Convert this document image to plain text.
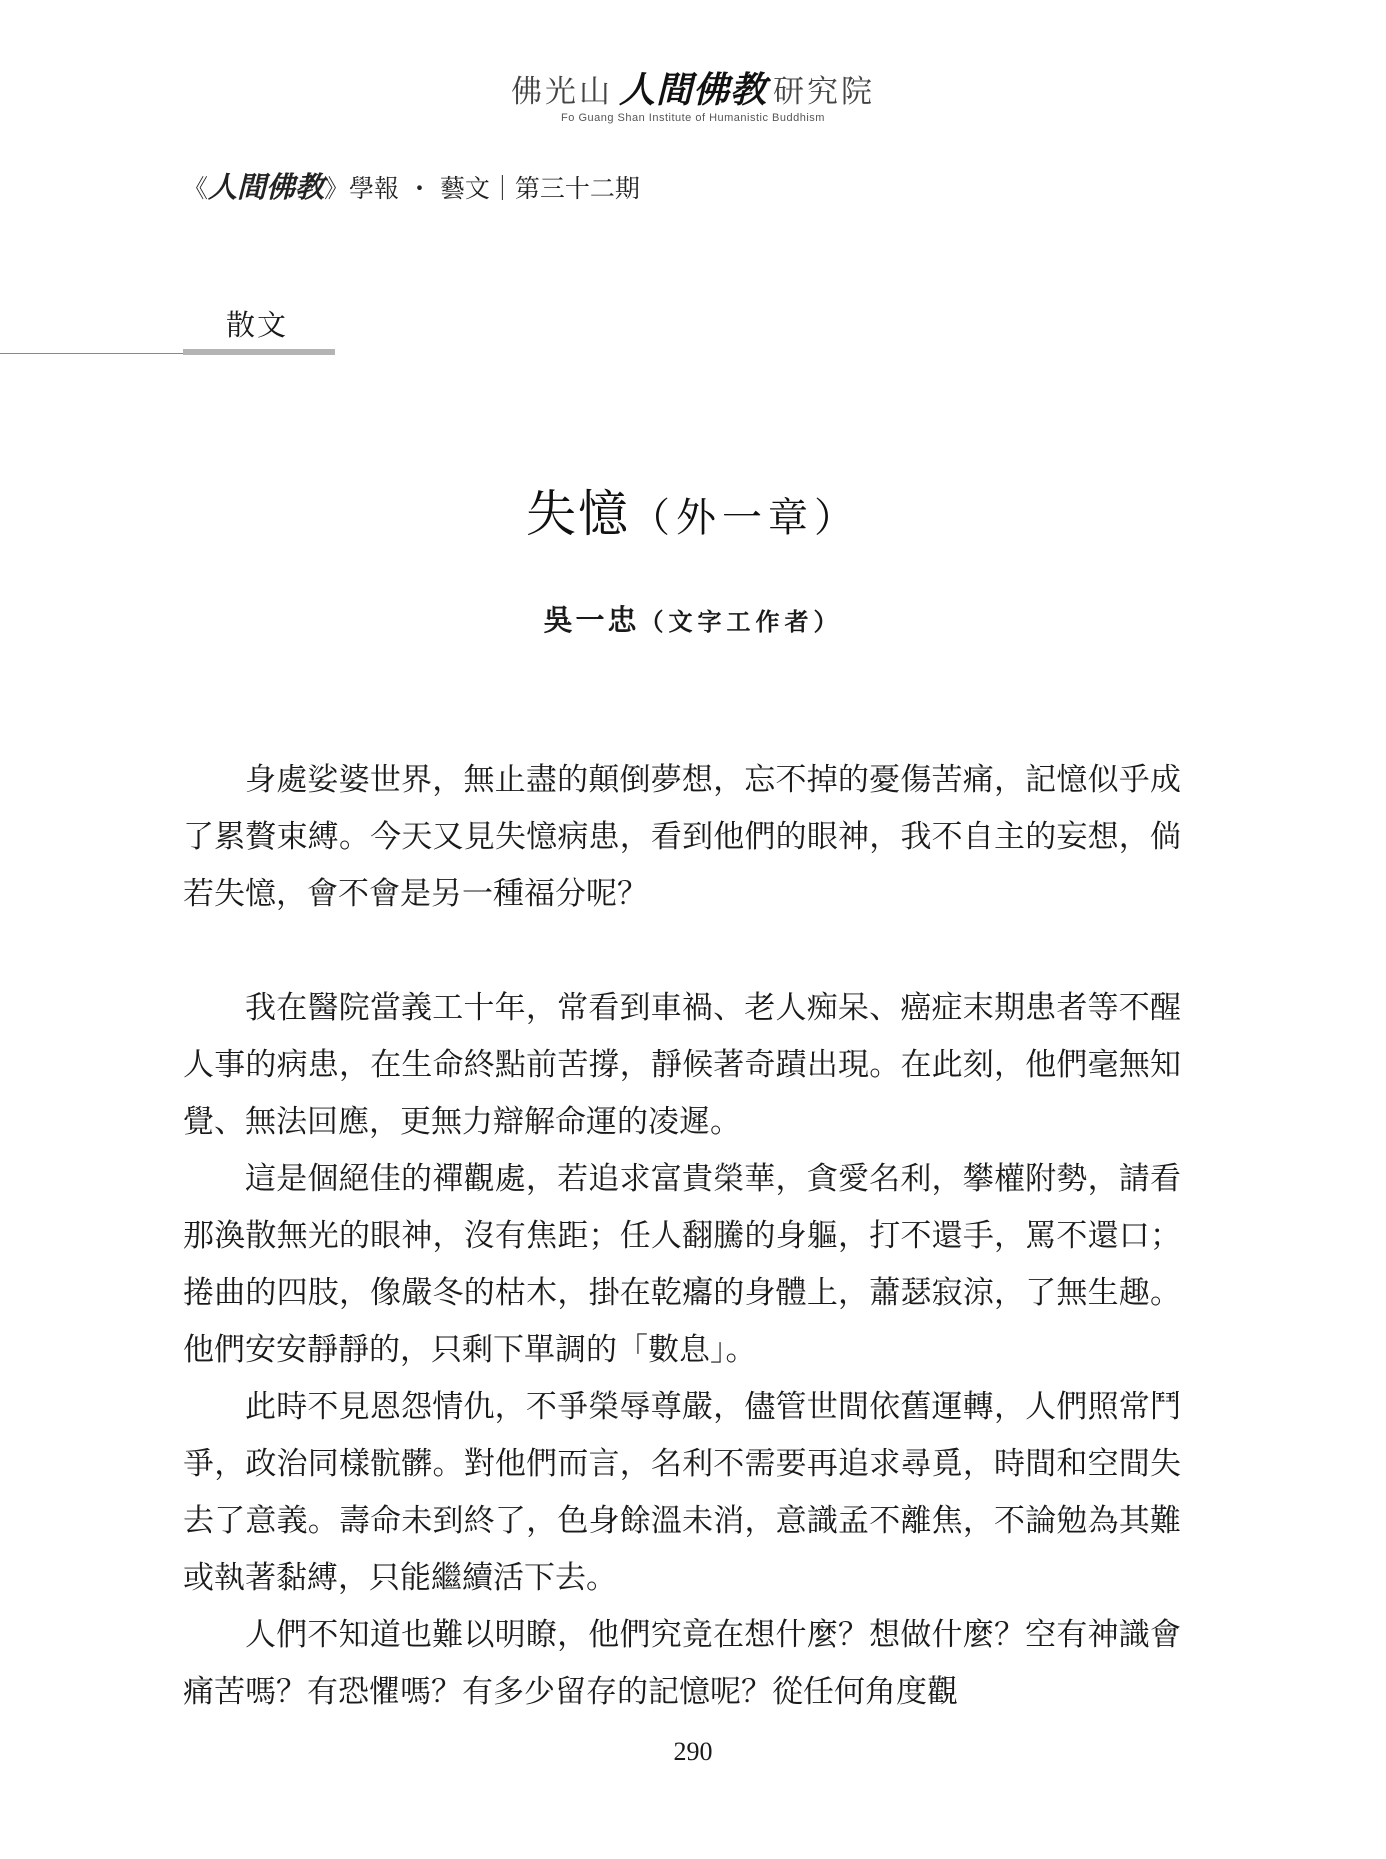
佛光山 人間佛教 研究院
Fo Guang Shan Institute of Humanistic Buddhism
《人間佛教》學報 ・ 藝文｜第三十二期
散文
失憶（外一章）
吳一忠（文字工作者）

身處娑婆世界，無止盡的顛倒夢想，忘不掉的憂傷苦痛，記憶似乎成了累贅束縛。今天又見失憶病患，看到他們的眼神，我不自主的妄想，倘若失憶，會不會是另一種福分呢？

我在醫院當義工十年，常看到車禍、老人痴呆、癌症末期患者等不醒人事的病患，在生命終點前苦撐，靜候著奇蹟出現。在此刻，他們毫無知覺、無法回應，更無力辯解命運的凌遲。

這是個絕佳的禪觀處，若追求富貴榮華，貪愛名利，攀權附勢，請看那渙散無光的眼神，沒有焦距；任人翻騰的身軀，打不還手，罵不還口；捲曲的四肢，像嚴冬的枯木，掛在乾癟的身體上，蕭瑟寂涼，了無生趣。他們安安靜靜的，只剩下單調的「數息」。

此時不見恩怨情仇，不爭榮辱尊嚴，儘管世間依舊運轉，人們照常鬥爭，政治同樣骯髒。對他們而言，名利不需要再追求尋覓，時間和空間失去了意義。壽命未到終了，色身餘溫未消，意識孟不離焦，不論勉為其難或執著黏縛，只能繼續活下去。

人們不知道也難以明瞭，他們究竟在想什麼？想做什麼？空有神識會痛苦嗎？有恐懼嗎？有多少留存的記憶呢？從任何角度觀

290
